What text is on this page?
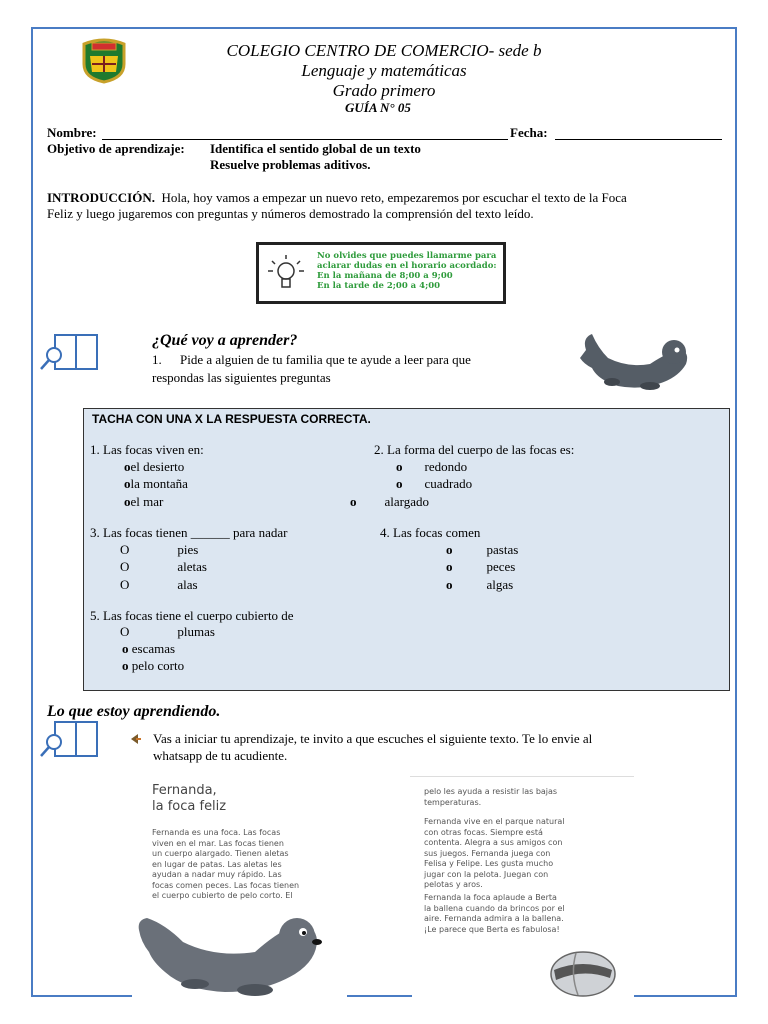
COLEGIO CENTRO DE COMERCIO- sede b
Lenguaje y matemáticas
Grado primero
GUÍA N° 05
Nombre:	Fecha:
Objetivo de aprendizaje: Identifica el sentido global de un texto
Resuelve problemas aditivos.
INTRODUCCIÓN. Hola, hoy vamos a empezar un nuevo reto, empezaremos por escuchar el texto de la Foca
Feliz y luego jugaremos con preguntas y números demostrado la comprensión del texto leído.
No olvides que puedes llamarme para
aclarar dudas en el horario acordado:
En la mañana de 8;00 a 9;00
En la tarde de 2;00 a 4;00
¿Qué voy a aprender?
1. Pide a alguien de tu familia que te ayude a leer para que
respondas las siguientes preguntas
TACHA CON UNA X LA RESPUESTA CORRECTA.
1. Las focas viven en:
oel desierto
ola montaña
oel mar
2. La forma del cuerpo de las focas es:
o redondo
o cuadrado
o alargado
3. Las focas tienen ______ para nadar
O	pies
O	aletas
O	alas
4. Las focas comen
o	pastas
o	peces
o	algas
5. Las focas tiene el cuerpo cubierto de
O	plumas
o escamas
o pelo corto
Lo que estoy aprendiendo.
Vas a iniciar tu aprendizaje, te invito a que escuches el siguiente texto. Te lo envie al
whatsapp de tu acudiente.
Fernanda,
la foca feliz
Fernanda es una foca. Las focas
viven en el mar. Las focas tienen
un cuerpo alargado. Tienen aletas
en lugar de patas. Las aletas les
ayudan a nadar muy rápido. Las
focas comen peces. Las focas tienen
el cuerpo cubierto de pelo corto. El
pelo les ayuda a resistir las bajas
temperaturas.
Fernanda vive en el parque natural
con otras focas. Siempre está
contenta. Alegra a sus amigos con
sus juegos. Fernanda juega con
Felisa y Felipe. Les gusta mucho
jugar con la pelota. Juegan con
pelotas y aros.
Fernanda la foca aplaude a Berta
la ballena cuando da brincos por el
aire. Fernanda admira a la ballena.
¡Le parece que Berta es fabulosa!
